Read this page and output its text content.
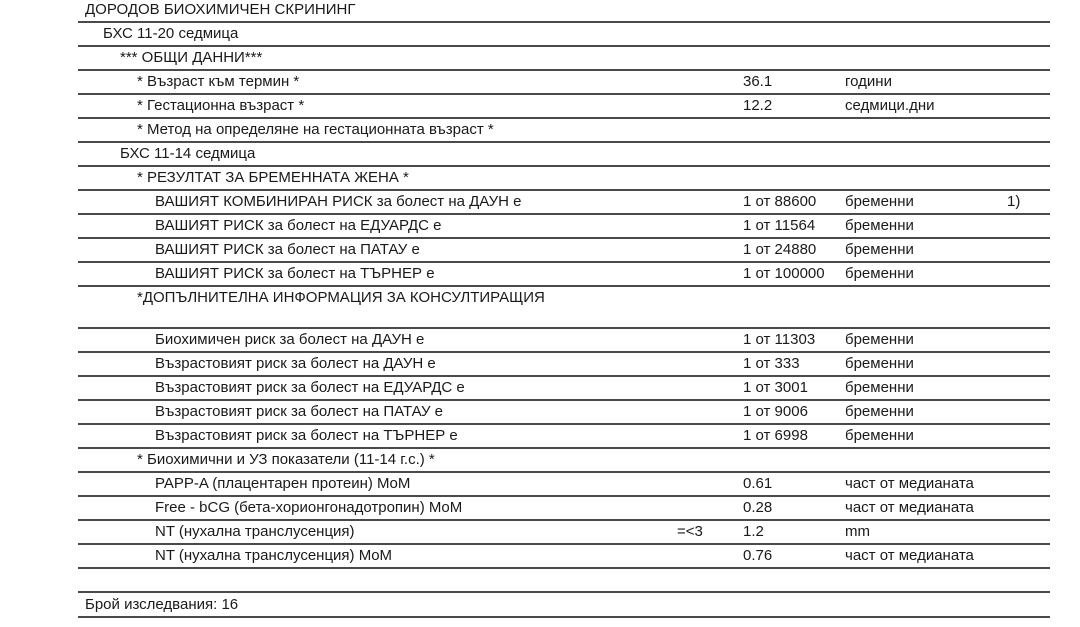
ДОРОДОВ БИОХИМИЧЕН СКРИНИНГ
БХС 11-20 седмица
*** ОБЩИ ДАННИ***
* Възраст към термин *	36.1	години
* Гестационна възраст *	12.2	седмици.дни
* Метод на определяне на гестационната възраст *
БХС 11-14 седмица
* РЕЗУЛТАТ ЗА БРЕМЕННАТА ЖЕНА *
ВАШИЯТ КОМБИНИРАН РИСК за болест на ДАУН е	1 от 88600 бременни	1)
ВАШИЯТ РИСК за болест на ЕДУАРДС е	1 от 11564 бременни
ВАШИЯТ РИСК за болест на ПАТАУ е	1 от 24880 бременни
ВАШИЯТ РИСК за болест на ТЪРНЕР е	1 от 100000 бременни
*ДОПЪЛНИТЕЛНА ИНФОРМАЦИЯ ЗА КОНСУЛТИРАЩИЯ
Биохимичен риск за болест на ДАУН е	1 от 11303 бременни
Възрастовият риск за болест на ДАУН е	1 от 333	бременни
Възрастовият риск за болест на ЕДУАРДС е	1 от 3001 бременни
Възрастовият риск за болест на ПАТАУ е	1 от 9006 бременни
Възрастовият риск за болест на ТЪРНЕР е	1 от 6998 бременни
* Биохимични и УЗ показатели (11-14 г.с.) *
PAPP-A (плацентарен протеин) MoM	0.61	част от медианата
Free - bCG (бета-хорионгонадотропин) MoM	0.28	част от медианата
NT (нухална транслусенция)	=<3	1.2	mm
NT (нухална транслусенция) MoM	0.76	част от медианата
Брой изследвания: 16
